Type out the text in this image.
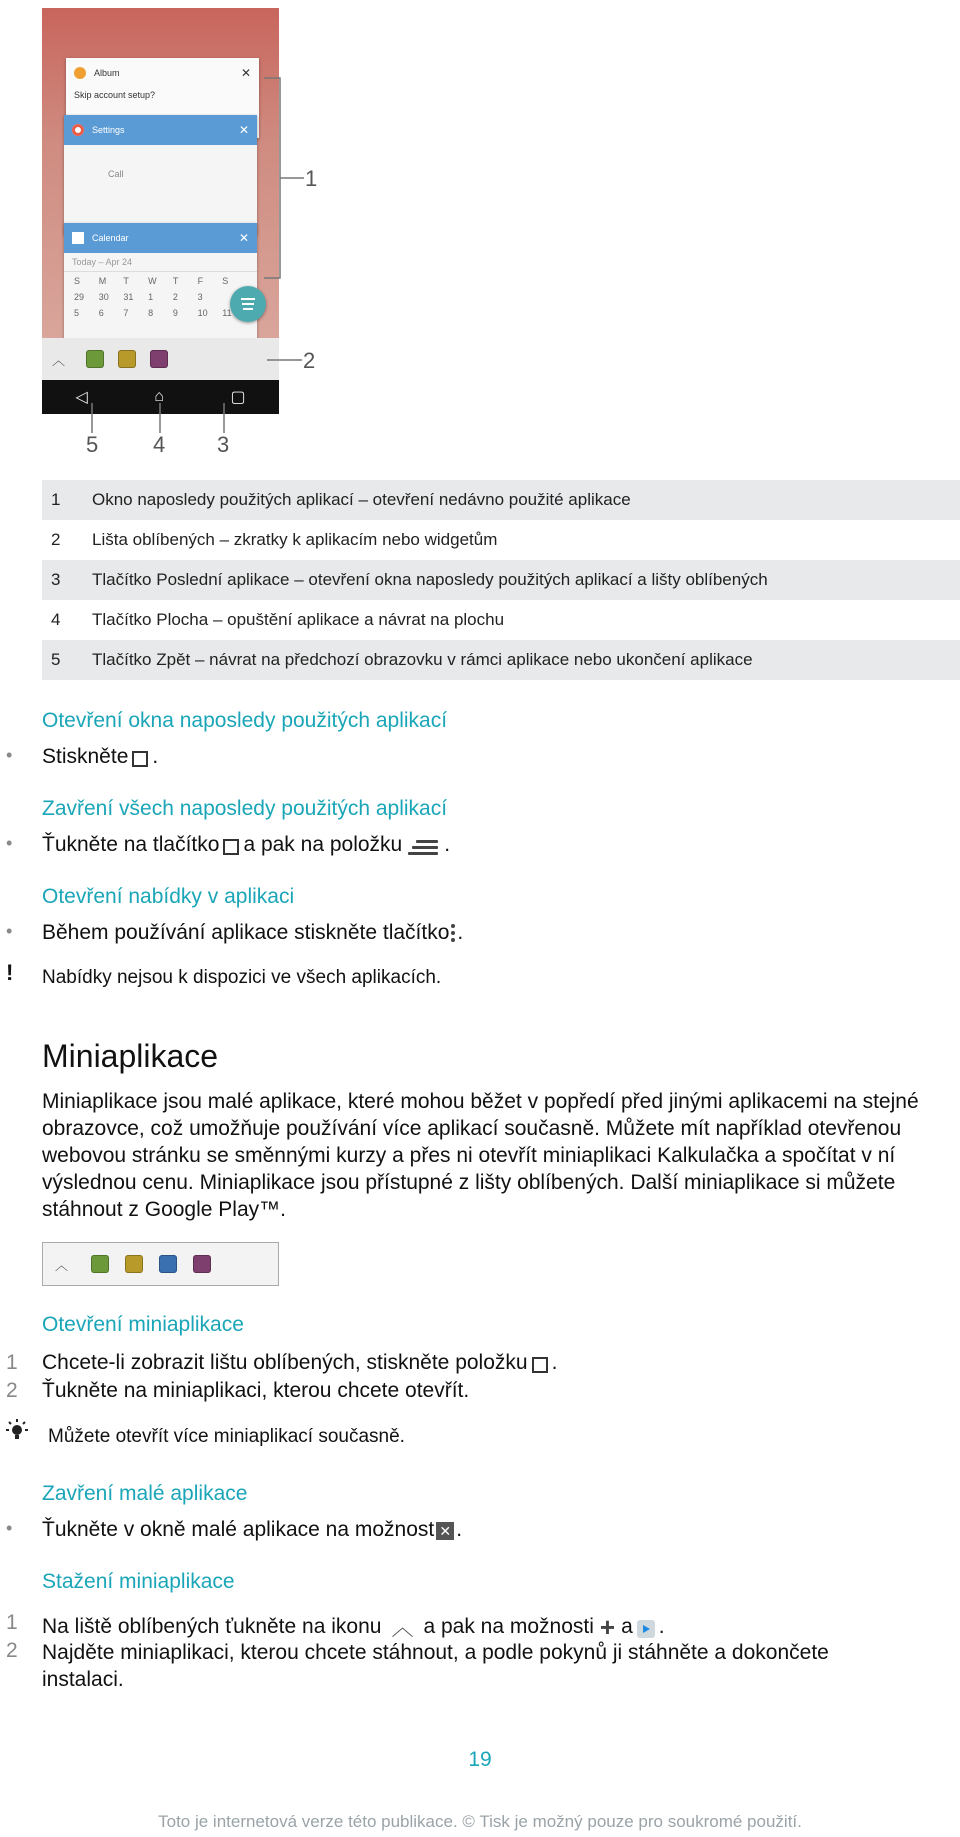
Album	✕
Skip account setup?
Settings	✕
Call
Calendar	✕
Today – Apr 24
S	M	T	W	T	F	S
29	30	31	1	2	3
5	6	7	8	9	10	11
︿
◁	⌂	▢
1
2
3
4
5
1	Okno naposledy použitých aplikací – otevření nedávno použité aplikace
2	Lišta oblíbených – zkratky k aplikacím nebo widgetům
3	Tlačítko Poslední aplikace – otevření okna naposledy použitých aplikací a lišty oblíbených
4	Tlačítko Plocha – opuštění aplikace a návrat na plochu
5	Tlačítko Zpět – návrat na předchozí obrazovku v rámci aplikace nebo ukončení aplikace
Otevření okna naposledy použitých aplikací
• Stiskněte .
Zavření všech naposledy použitých aplikací
• Ťukněte na tlačítko a pak na položku .
Otevření nabídky v aplikaci
• Během používání aplikace stiskněte tlačítko .
! Nabídky nejsou k dispozici ve všech aplikacích.
Miniaplikace
Miniaplikace jsou malé aplikace, které mohou běžet v popředí před jinými aplikacemi na stejné obrazovce, což umožňuje používání více aplikací současně. Můžete mít například otevřenou webovou stránku se směnnými kurzy a přes ni otevřít miniaplikaci Kalkulačka a spočítat v ní výslednou cenu. Miniaplikace jsou přístupné z lišty oblíbených. Další miniaplikace si můžete stáhnout z Google Play™.
︿
Otevření miniaplikace
1 Chcete-li zobrazit lištu oblíbených, stiskněte položku .
2 Ťukněte na miniaplikaci, kterou chcete otevřít.
Můžete otevřít více miniaplikací současně.
Zavření malé aplikace
• Ťukněte v okně malé aplikace na možnost ✕ .
Stažení miniaplikace
1 Na liště oblíbených ťukněte na ikonu ︿ a pak na možnosti + a .
2 Najděte miniaplikaci, kterou chcete stáhnout, a podle pokynů ji stáhněte a dokončete instalaci.
19
Toto je internetová verze této publikace. © Tisk je možný pouze pro soukromé použití.
